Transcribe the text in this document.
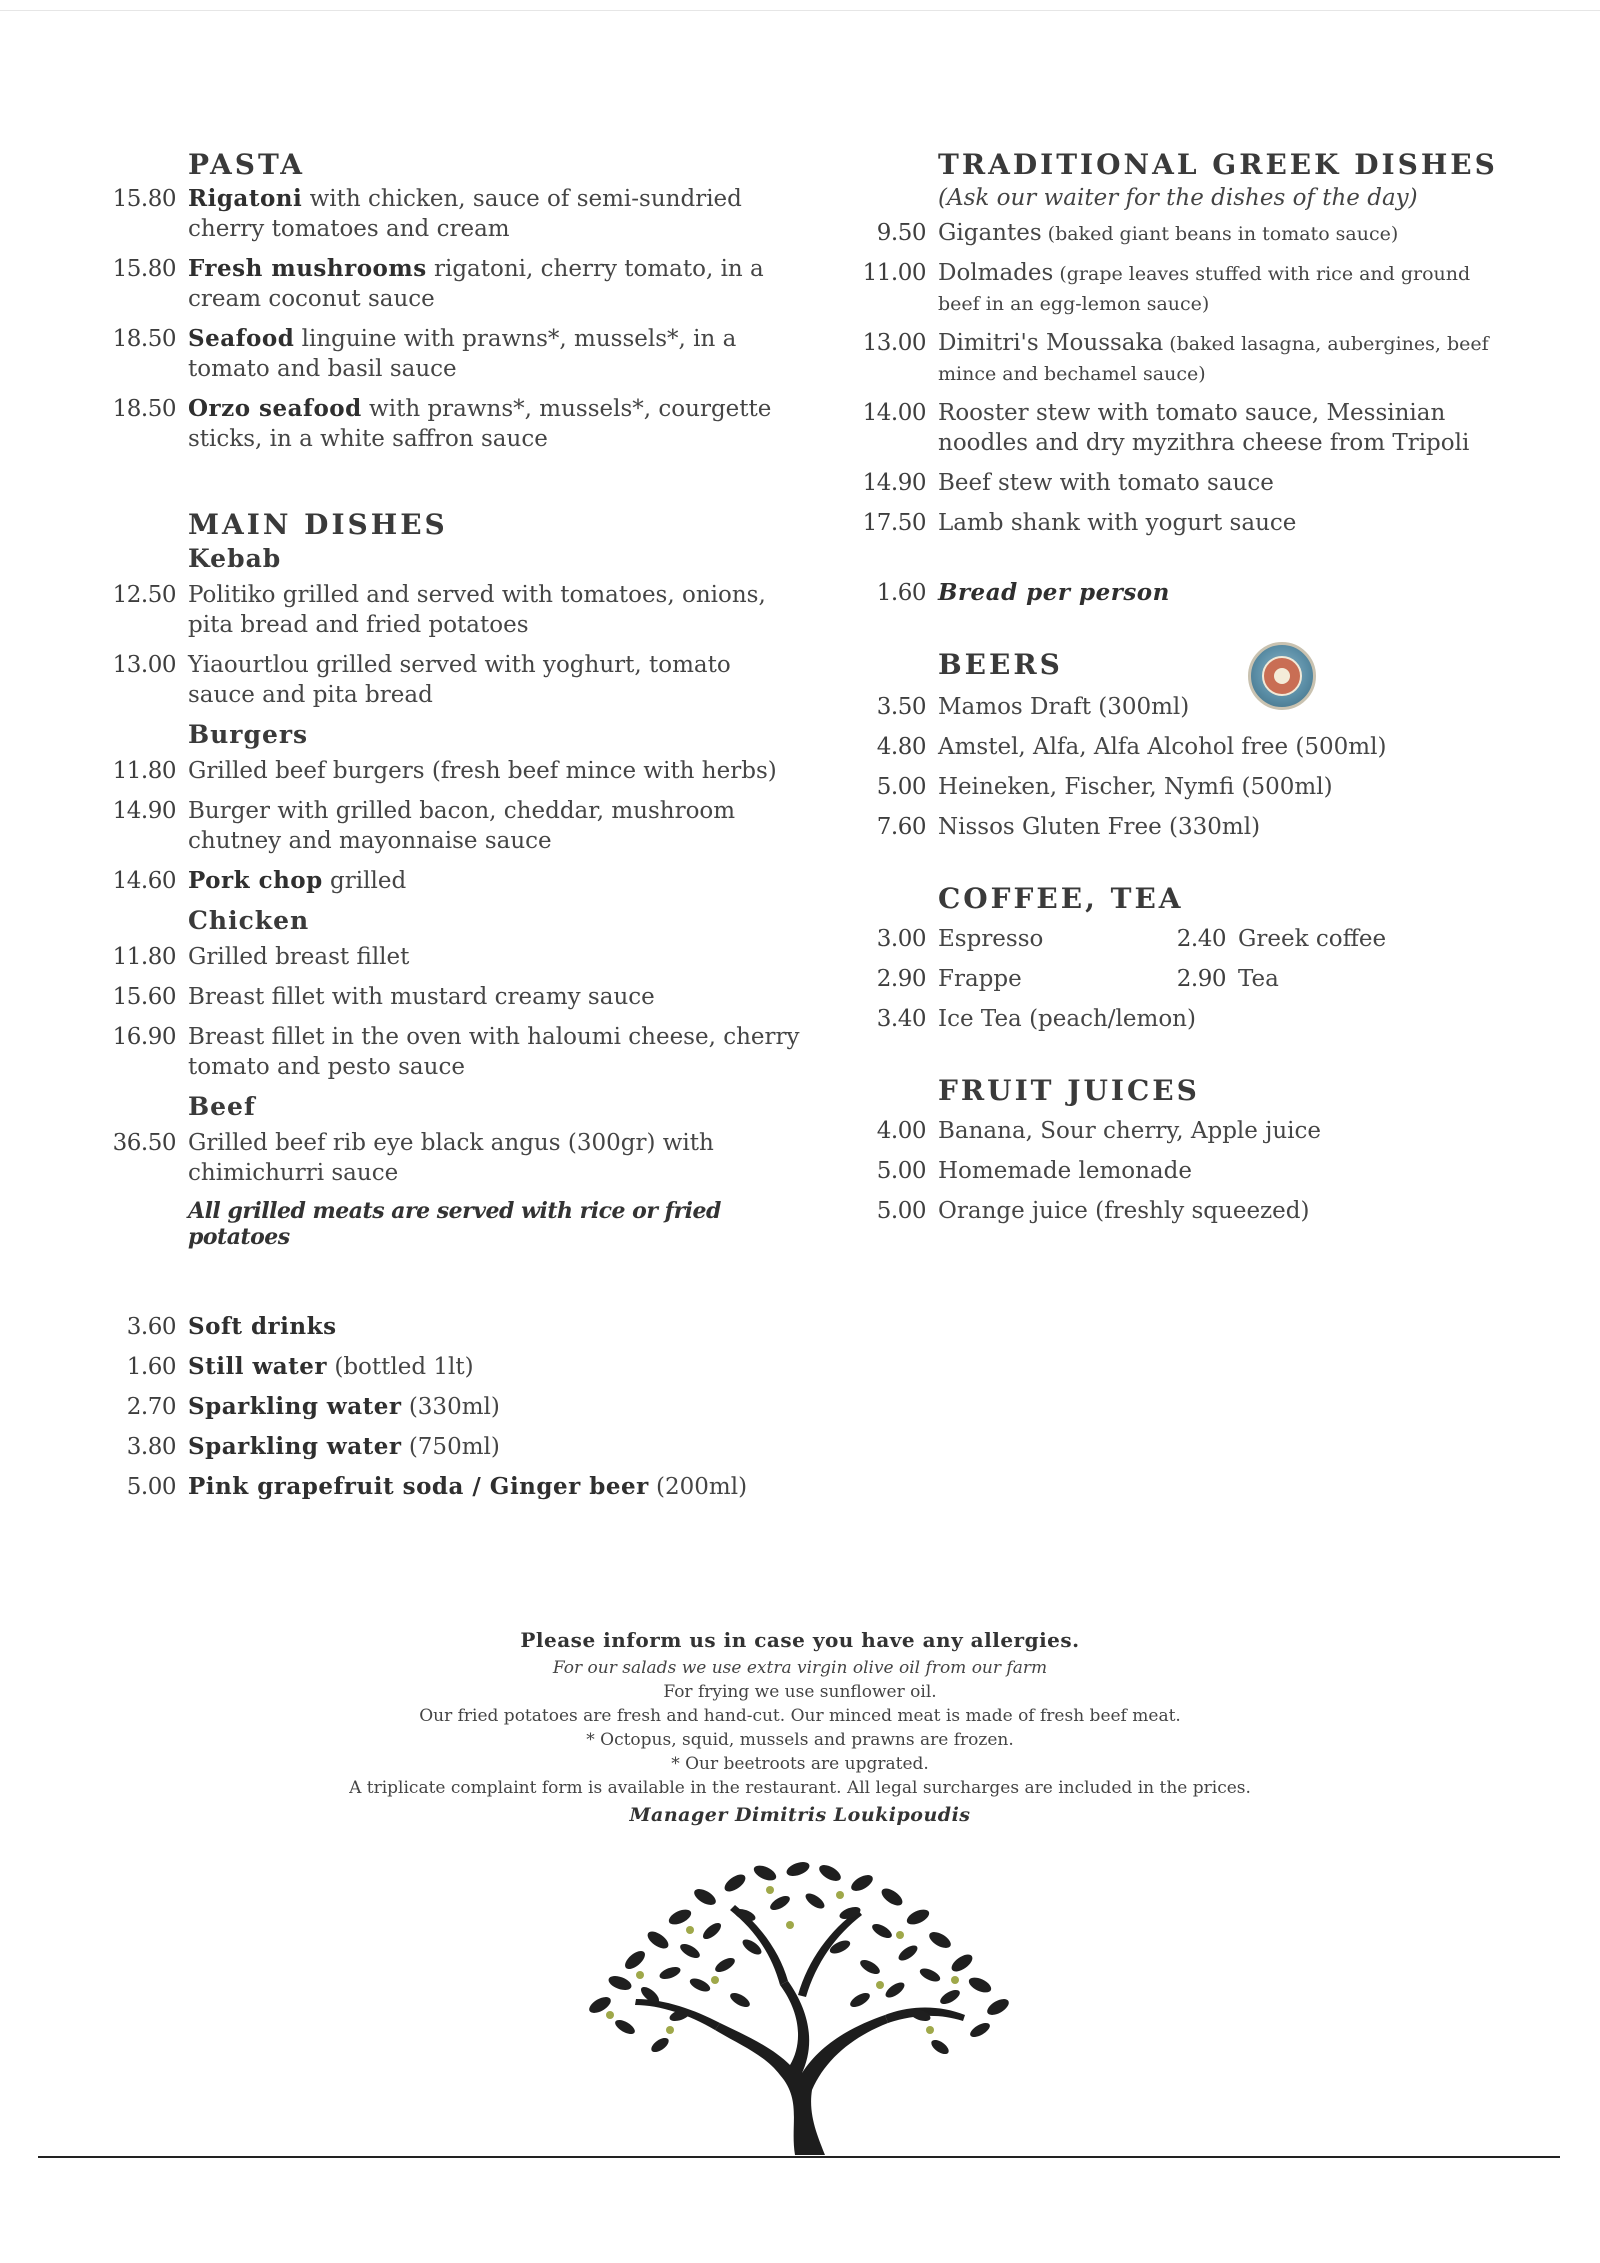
PASTA
15.80 Rigatoni with chicken, sauce of semi-sundried cherry tomatoes and cream
15.80 Fresh mushrooms rigatoni, cherry tomato, in a cream coconut sauce
18.50 Seafood linguine with prawns*, mussels*, in a tomato and basil sauce
18.50 Orzo seafood with prawns*, mussels*, courgette sticks, in a white saffron sauce
MAIN DISHES
Kebab
12.50 Politiko grilled and served with tomatoes, onions, pita bread and fried potatoes
13.00 Yiaourtlou grilled served with yoghurt, tomato sauce and pita bread
Burgers
11.80 Grilled beef burgers (fresh beef mince with herbs)
14.90 Burger with grilled bacon, cheddar, mushroom chutney and mayonnaise sauce
14.60 Pork chop grilled
Chicken
11.80 Grilled breast fillet
15.60 Breast fillet with mustard creamy sauce
16.90 Breast fillet in the oven with haloumi cheese, cherry tomato and pesto sauce
Beef
36.50 Grilled beef rib eye black angus (300gr) with chimichurri sauce
All grilled meats are served with rice or fried potatoes
3.60 Soft drinks
1.60 Still water (bottled 1lt)
2.70 Sparkling water (330ml)
3.80 Sparkling water (750ml)
5.00 Pink grapefruit soda / Ginger beer (200ml)
TRADITIONAL GREEK DISHES
(Ask our waiter for the dishes of the day)
9.50 Gigantes (baked giant beans in tomato sauce)
11.00 Dolmades (grape leaves stuffed with rice and ground beef in an egg-lemon sauce)
13.00 Dimitri's Moussaka (baked lasagna, aubergines, beef mince and bechamel sauce)
14.00 Rooster stew with tomato sauce, Messinian noodles and dry myzithra cheese from Tripoli
14.90 Beef stew with tomato sauce
17.50 Lamb shank with yogurt sauce
1.60 Bread per person
BEERS
3.50 Mamos Draft (300ml)
4.80 Amstel, Alfa, Alfa Alcohol free (500ml)
5.00 Heineken, Fischer, Nymfi (500ml)
7.60 Nissos Gluten Free (330ml)
COFFEE, TEA
3.00 Espresso	2.40 Greek coffee
2.90 Frappe	2.90 Tea
3.40 Ice Tea (peach/lemon)
FRUIT JUICES
4.00 Banana, Sour cherry, Apple juice
5.00 Homemade lemonade
5.00 Orange juice (freshly squeezed)
Please inform us in case you have any allergies.
For our salads we use extra virgin olive oil from our farm
For frying we use sunflower oil.
Our fried potatoes are fresh and hand-cut. Our minced meat is made of fresh beef meat.
* Octopus, squid, mussels and prawns are frozen.
* Our beetroots are upgrated.
A triplicate complaint form is available in the restaurant. All legal surcharges are included in the prices.
Manager Dimitris Loukipoudis
